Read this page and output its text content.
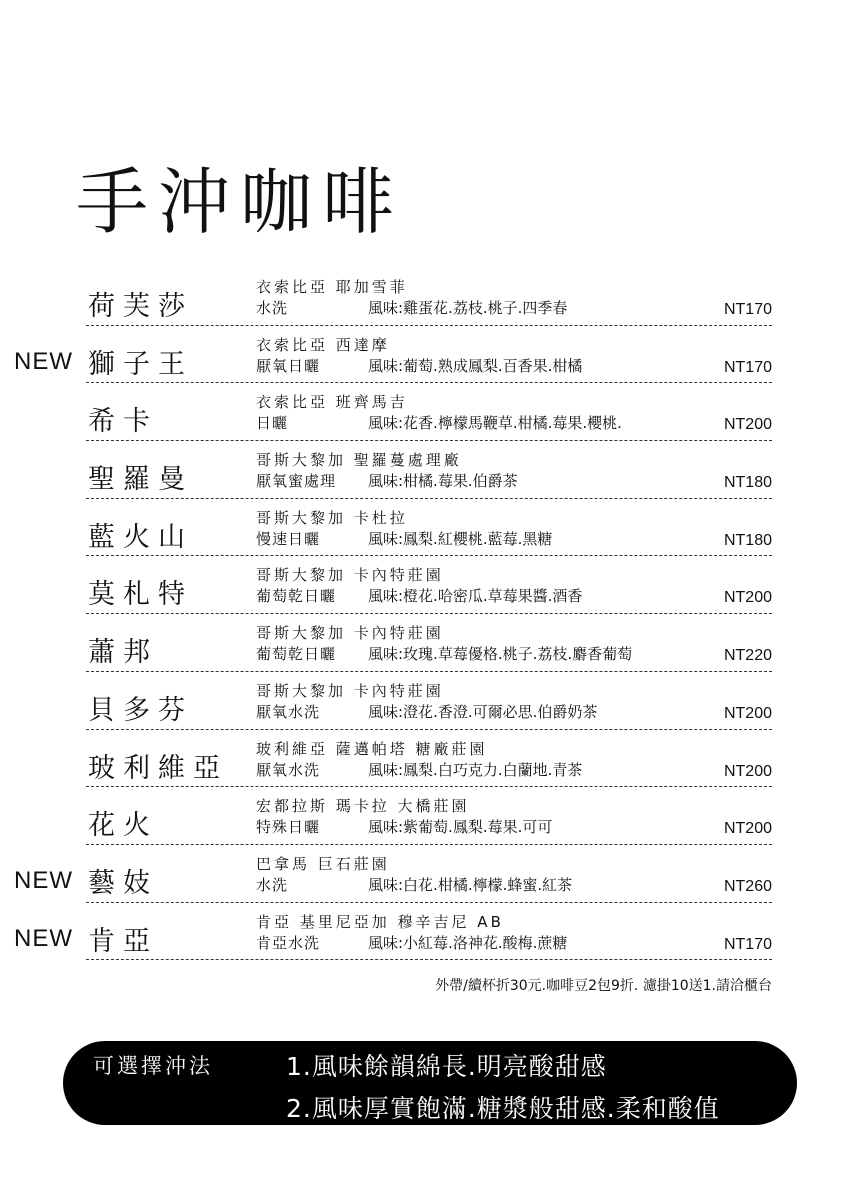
手沖咖啡
荷芙莎
衣索比亞 耶加雪菲
水洗	風味:雞蛋花.荔枝.桃子.四季春	NT170
NEW 獅子王
衣索比亞 西達摩
厭氧日曬	風味:葡萄.熟成鳳梨.百香果.柑橘	NT170
希卡
衣索比亞 班齊馬吉
日曬	風味:花香.檸檬馬鞭草.柑橘.莓果.櫻桃.	NT200
聖羅曼
哥斯大黎加 聖羅蔓處理廠
厭氧蜜處理 風味:柑橘.莓果.伯爵茶	NT180
藍火山
哥斯大黎加 卡杜拉
慢速日曬	風味:鳳梨.紅櫻桃.藍莓.黑糖	NT180
莫札特
哥斯大黎加 卡內特莊園
葡萄乾日曬 風味:橙花.哈密瓜.草莓果醬.酒香	NT200
蕭邦
哥斯大黎加 卡內特莊園
葡萄乾日曬 風味:玫瑰.草莓優格.桃子.荔枝.麝香葡萄	NT220
貝多芬
哥斯大黎加 卡內特莊園
厭氧水洗	風味:澄花.香澄.可爾必思.伯爵奶茶	NT200
玻利維亞
玻利維亞 薩邁帕塔 糖廠莊園
厭氧水洗	風味:鳳梨.白巧克力.白蘭地.青茶	NT200
花火
宏都拉斯 瑪卡拉 大橋莊園
特殊日曬	風味:紫葡萄.鳳梨.莓果.可可	NT200
NEW 藝妓
巴拿馬 巨石莊園
水洗	風味:白花.柑橘.檸檬.蜂蜜.紅茶	NT260
NEW 肯亞
肯亞 基里尼亞加 穆辛吉尼 AB
肯亞水洗	風味:小紅莓.洛神花.酸梅.蔗糖	NT170
外帶/續杯折30元.咖啡豆2包9折. 濾掛10送1.請洽櫃台
可選擇沖法	1.風味餘韻綿長.明亮酸甜感
2.風味厚實飽滿.糖漿般甜感.柔和酸值
